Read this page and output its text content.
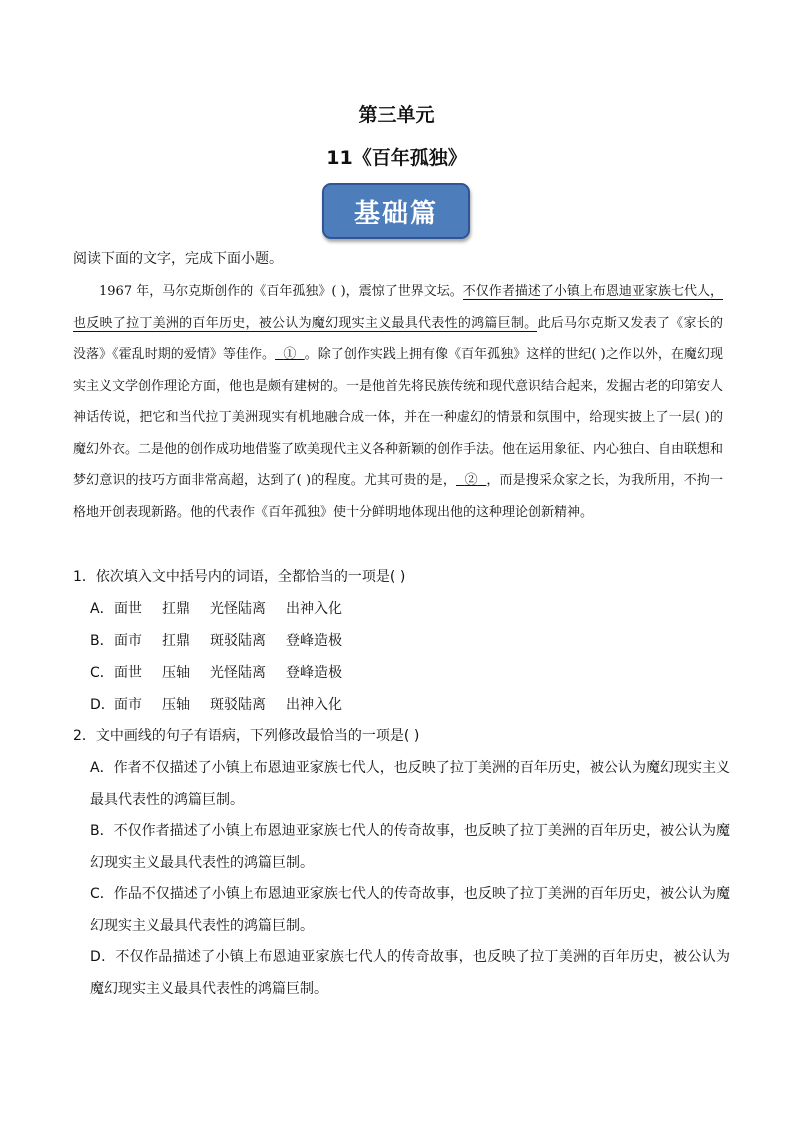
第三单元
11《百年孤独》
基础篇
阅读下面的文字，完成下面小题。

1967 年，马尔克斯创作的《百年孤独》( )，震惊了世界文坛。不仅作者描述了小镇上布恩迪亚家族七代人，也反映了拉丁美洲的百年历史，被公认为魔幻现实主义最具代表性的鸿篇巨制。此后马尔克斯又发表了《家长的没落》《霍乱时期的爱情》等佳作。 ① 。除了创作实践上拥有像《百年孤独》这样的世纪( )之作以外，在魔幻现实主义文学创作理论方面，他也是颇有建树的。一是他首先将民族传统和现代意识结合起来，发掘古老的印第安人神话传说，把它和当代拉丁美洲现实有机地融合成一体，并在一种虚幻的情景和氛围中，给现实披上了一层( )的魔幻外衣。二是他的创作成功地借鉴了欧美现代主义各种新颖的创作手法。他在运用象征、内心独白、自由联想和梦幻意识的技巧方面非常高超，达到了( )的程度。尤其可贵的是， ② ，而是搜采众家之长，为我所用，不拘一格地开创表现新路。他的代表作《百年孤独》使十分鲜明地体现出他的这种理论创新精神。

1．依次填入文中括号内的词语，全都恰当的一项是( )
A．面世 扛鼎 光怪陆离 出神入化
B．面市 扛鼎 斑驳陆离 登峰造极
C．面世 压轴 光怪陆离 登峰造极
D．面市 压轴 斑驳陆离 出神入化
2．文中画线的句子有语病，下列修改最恰当的一项是( )

A．作者不仅描述了小镇上布恩迪亚家族七代人，也反映了拉丁美洲的百年历史，被公认为魔幻现实主义最具代表性的鸿篇巨制。

B．不仅作者描述了小镇上布恩迪亚家族七代人的传奇故事，也反映了拉丁美洲的百年历史，被公认为魔幻现实主义最具代表性的鸿篇巨制。

C．作品不仅描述了小镇上布恩迪亚家族七代人的传奇故事，也反映了拉丁美洲的百年历史，被公认为魔幻现实主义最具代表性的鸿篇巨制。

D．不仅作品描述了小镇上布恩迪亚家族七代人的传奇故事，也反映了拉丁美洲的百年历史，被公认为魔幻现实主义最具代表性的鸿篇巨制。
